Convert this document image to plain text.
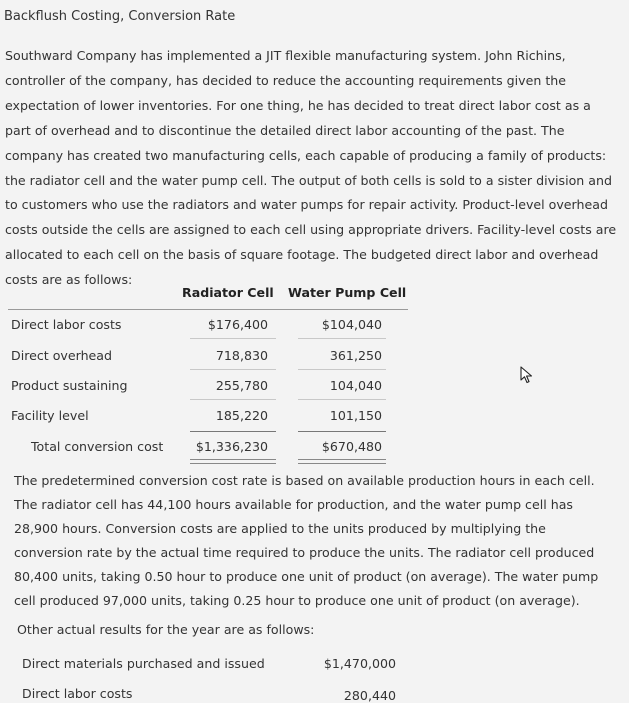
Backflush Costing, Conversion Rate
Southward Company has implemented a JIT flexible manufacturing system. John Richins, controller of the company, has decided to reduce the accounting requirements given the expectation of lower inventories. For one thing, he has decided to treat direct labor cost as a part of overhead and to discontinue the detailed direct labor accounting of the past. The company has created two manufacturing cells, each capable of producing a family of products: the radiator cell and the water pump cell. The output of both cells is sold to a sister division and to customers who use the radiators and water pumps for repair activity. Product-level overhead costs outside the cells are assigned to each cell using appropriate drivers. Facility-level costs are allocated to each cell on the basis of square footage. The budgeted direct labor and overhead costs are as follows:
Radiator Cell Water Pump Cell
Direct labor costs	$176,400	$104,040
Direct overhead	718,830	361,250
Product sustaining	255,780	104,040
Facility level	185,220	101,150
Total conversion cost	$1,336,230	$670,480
The predetermined conversion cost rate is based on available production hours in each cell. The radiator cell has 44,100 hours available for production, and the water pump cell has 28,900 hours. Conversion costs are applied to the units produced by multiplying the conversion rate by the actual time required to produce the units. The radiator cell produced 80,400 units, taking 0.50 hour to produce one unit of product (on average). The water pump cell produced 97,000 units, taking 0.25 hour to produce one unit of product (on average).
Other actual results for the year are as follows:
Direct materials purchased and issued	$1,470,000
Direct labor costs	280,440
